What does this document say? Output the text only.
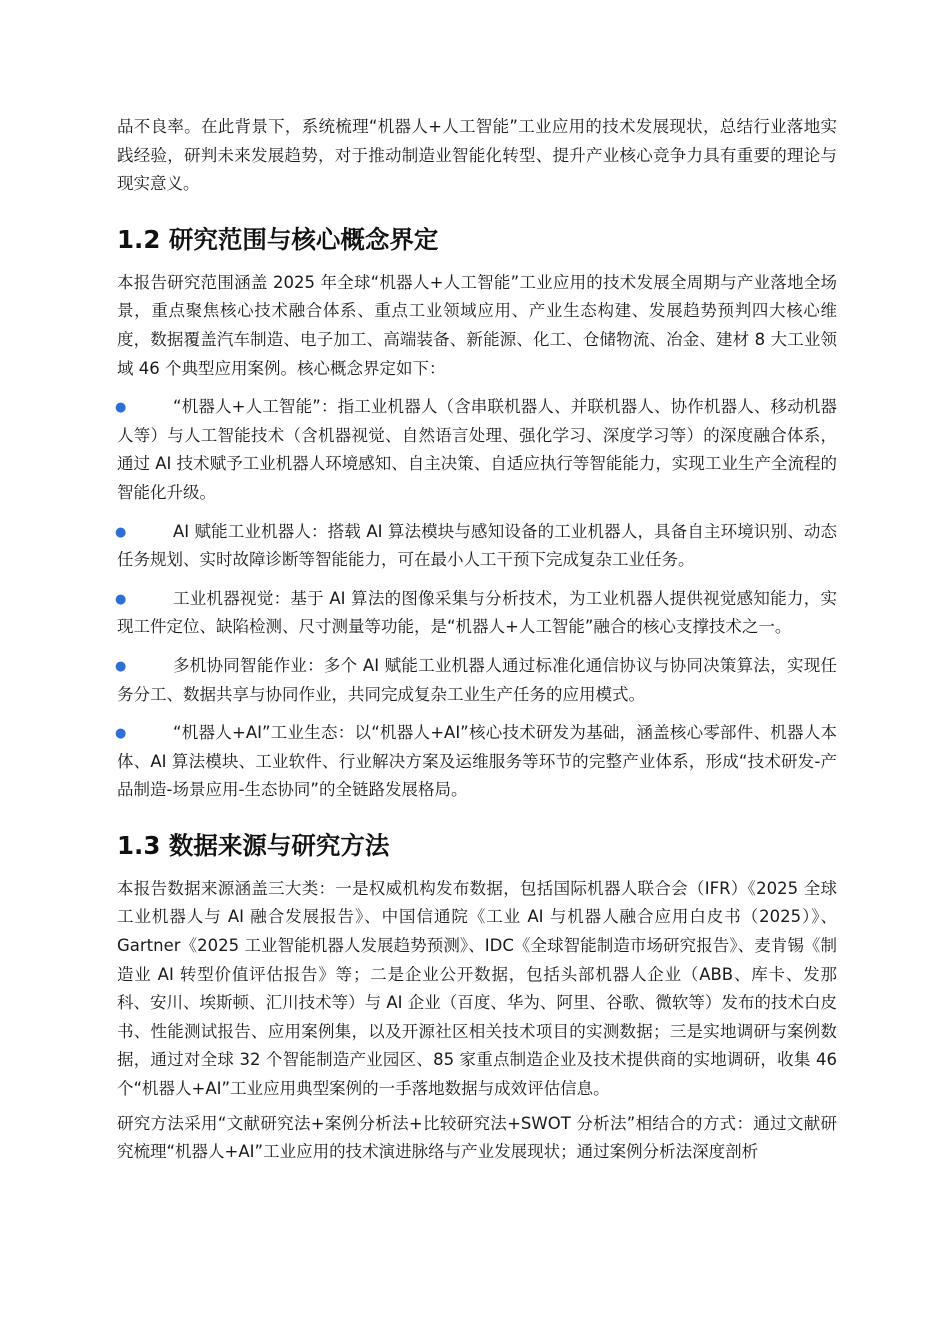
品不良率。在此背景下，系统梳理“机器人+人工智能”工业应用的技术发展现状，总结行业落地实践经验，研判未来发展趋势，对于推动制造业智能化转型、提升产业核心竞争力具有重要的理论与现实意义。

1.2 研究范围与核心概念界定

本报告研究范围涵盖 2025 年全球“机器人+人工智能”工业应用的技术发展全周期与产业落地全场景，重点聚焦核心技术融合体系、重点工业领域应用、产业生态构建、发展趋势预判四大核心维度，数据覆盖汽车制造、电子加工、高端装备、新能源、化工、仓储物流、冶金、建材 8 大工业领域 46 个典型应用案例。核心概念界定如下：

●	“机器人+人工智能”：指工业机器人（含串联机器人、并联机器人、协作机器人、移动机器人等）与人工智能技术（含机器视觉、自然语言处理、强化学习、深度学习等）的深度融合体系，通过 AI 技术赋予工业机器人环境感知、自主决策、自适应执行等智能能力，实现工业生产全流程的智能化升级。
●	AI 赋能工业机器人：搭载 AI 算法模块与感知设备的工业机器人，具备自主环境识别、动态任务规划、实时故障诊断等智能能力，可在最小人工干预下完成复杂工业任务。
●	工业机器视觉：基于 AI 算法的图像采集与分析技术，为工业机器人提供视觉感知能力，实现工件定位、缺陷检测、尺寸测量等功能，是“机器人+人工智能”融合的核心支撑技术之一。
●	多机协同智能作业：多个 AI 赋能工业机器人通过标准化通信协议与协同决策算法，实现任务分工、数据共享与协同作业，共同完成复杂工业生产任务的应用模式。
●	“机器人+AI”工业生态：以“机器人+AI”核心技术研发为基础，涵盖核心零部件、机器人本体、AI 算法模块、工业软件、行业解决方案及运维服务等环节的完整产业体系，形成“技术研发-产品制造-场景应用-生态协同”的全链路发展格局。
1.3 数据来源与研究方法

本报告数据来源涵盖三大类：一是权威机构发布数据，包括国际机器人联合会（IFR）《2025 全球工业机器人与 AI 融合发展报告》、中国信通院《工业 AI 与机器人融合应用白皮书（2025）》、Gartner《2025 工业智能机器人发展趋势预测》、IDC《全球智能制造市场研究报告》、麦肯锡《制造业 AI 转型价值评估报告》等；二是企业公开数据，包括头部机器人企业（ABB、库卡、发那科、安川、埃斯顿、汇川技术等）与 AI 企业（百度、华为、阿里、谷歌、微软等）发布的技术白皮书、性能测试报告、应用案例集，以及开源社区相关技术项目的实测数据；三是实地调研与案例数据，通过对全球 32 个智能制造产业园区、85 家重点制造企业及技术提供商的实地调研，收集 46 个“机器人+AI”工业应用典型案例的一手落地数据与成效评估信息。

研究方法采用“文献研究法+案例分析法+比较研究法+SWOT 分析法”相结合的方式：通过文献研究梳理“机器人+AI”工业应用的技术演进脉络与产业发展现状；通过案例分析法深度剖析
